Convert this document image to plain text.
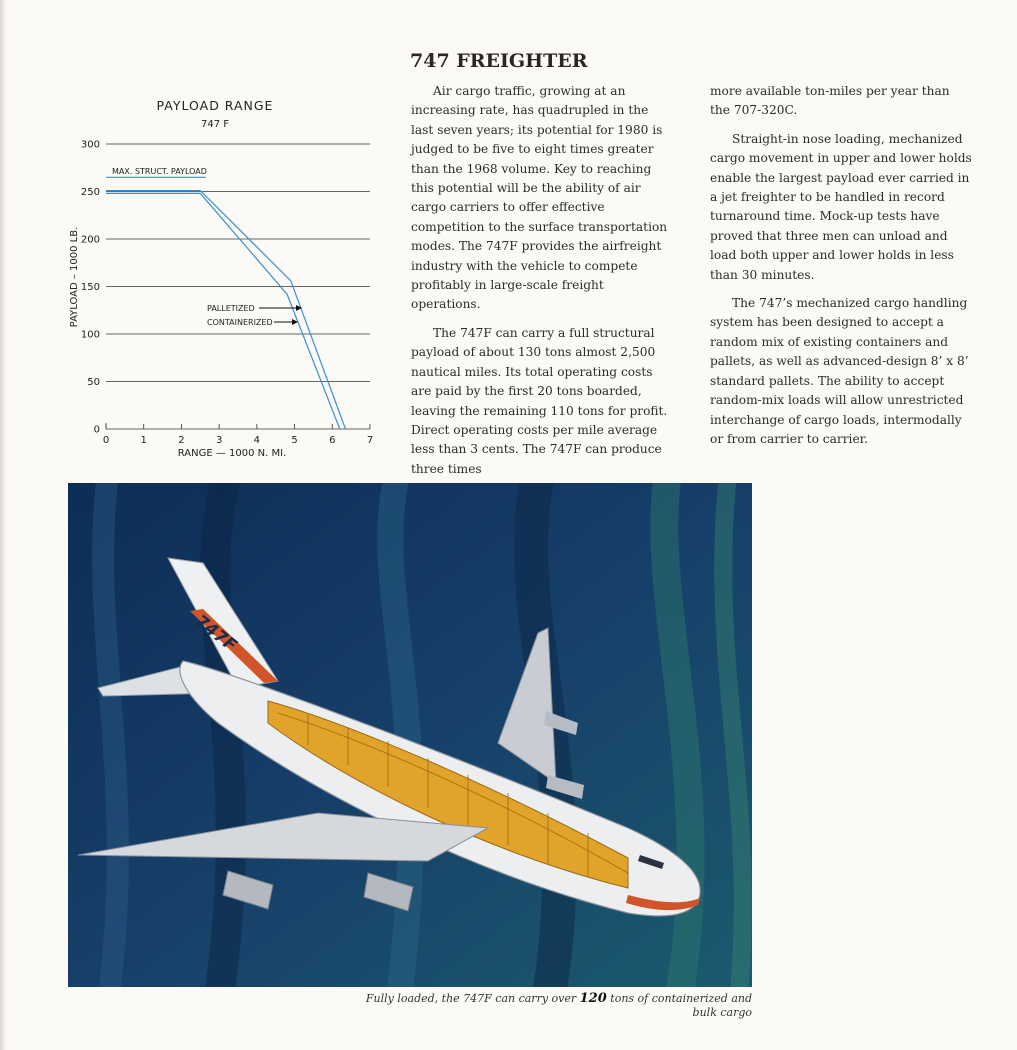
PAYLOAD RANGE
747 F
0
50
100
150
200
250
300
0	1	2	3	4	5	6	7
PAYLOAD – 1000 LB.
RANGE — 1000 N. MI.
MAX. STRUCT. PAYLOAD
PALLETIZED
CONTAINERIZED
747 FREIGHTER

Air cargo traffic, growing at an increasing rate, has quadrupled in the last seven years; its potential for 1980 is judged to be five to eight times greater than the 1968 volume. Key to reaching this potential will be the ability of air cargo carriers to offer effective competition to the surface transportation modes. The 747F provides the airfreight industry with the vehicle to compete profitably in large-scale freight operations.

The 747F can carry a full structural payload of about 130 tons almost 2,500 nautical miles. Its total operating costs are paid by the first 20 tons boarded, leaving the remaining 110 tons for profit. Direct operating costs per mile average less than 3 cents. The 747F can produce three times

more available ton-miles per year than the 707-320C.

Straight-in nose loading, mechanized cargo movement in upper and lower holds enable the largest payload ever carried in a jet freighter to be handled in record turnaround time. Mock-up tests have proved that three men can unload and load both upper and lower holds in less than 30 minutes.

The 747’s mechanized cargo handling system has been designed to accept a random mix of existing containers and pallets, as well as advanced-design 8’ x 8’ standard pallets. The ability to accept random-mix loads will allow unrestricted interchange of cargo loads, intermodally or from carrier to carrier.

747F
Fully loaded, the 747F can carry over 120 tons of containerized and bulk cargo
